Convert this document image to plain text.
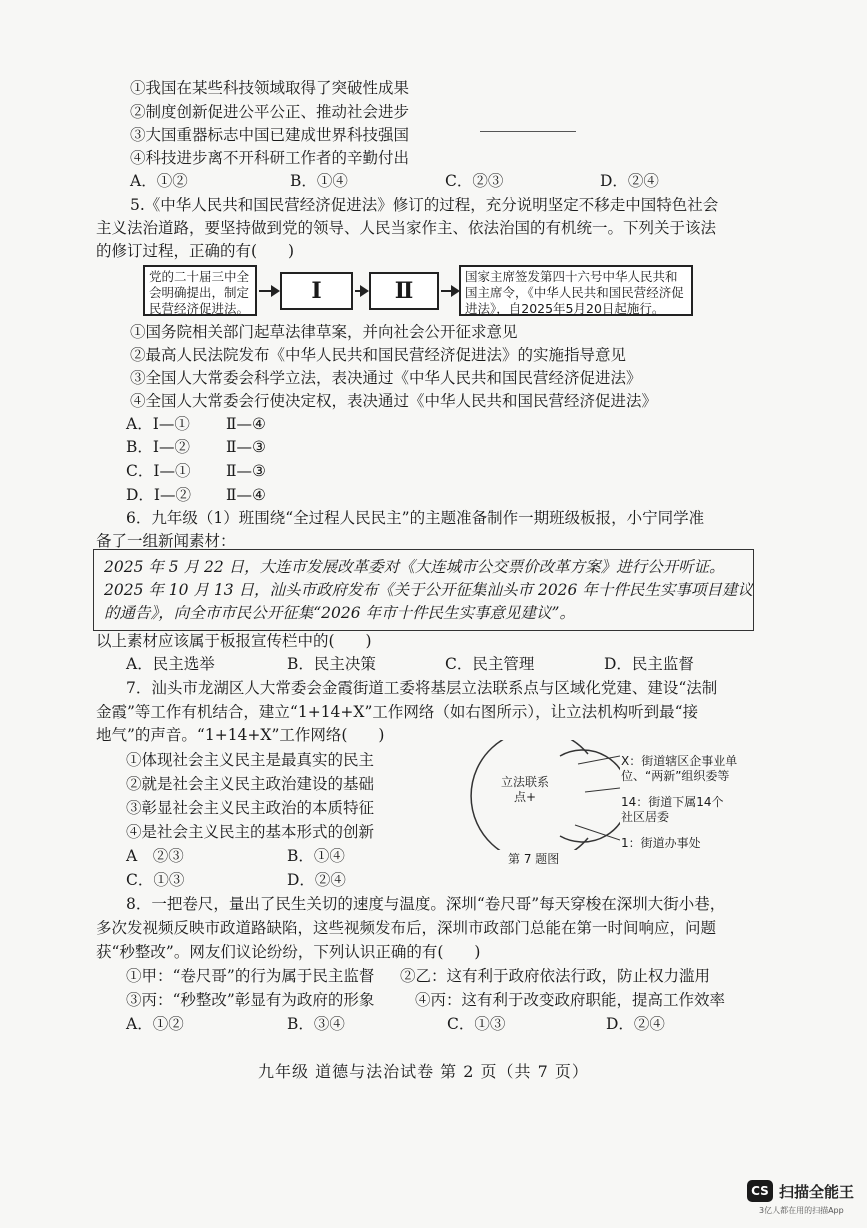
①我国在某些科技领域取得了突破性成果
②制度创新促进公平公正、推动社会进步
③大国重器标志中国已建成世界科技强国
④科技进步离不开科研工作者的辛勤付出
A．①②	B．①④	C．②③	D．②④
5.《中华人民共和国民营经济促进法》修订的过程，充分说明坚定不移走中国特色社会
主义法治道路，要坚持做到党的领导、人民当家作主、依法治国的有机统一。下列关于该法
的修订过程，正确的有(　　)
党的二十届三中全会明确提出，制定民营经济促进法。
Ⅰ	Ⅱ
国家主席签发第四十六号中华人民共和国主席令，《中华人民共和国民营经济促进法》，自2025年5月20日起施行。
①国务院相关部门起草法律草案，并向社会公开征求意见
②最高人民法院发布《中华人民共和国民营经济促进法》的实施指导意见
③全国人大常委会科学立法，表决通过《中华人民共和国民营经济促进法》
④全国人大常委会行使决定权，表决通过《中华人民共和国民营经济促进法》
A．Ⅰ—① Ⅱ—④
B．Ⅰ—② Ⅱ—③
C．Ⅰ—① Ⅱ—③
D．Ⅰ—② Ⅱ—④
6．九年级（1）班围绕“全过程人民民主”的主题准备制作一期班级板报，小宁同学准
备了一组新闻素材：
2025 年 5 月 22 日，大连市发展改革委对《大连城市公交票价改革方案》进行公开听证。
2025 年 10 月 13 日，汕头市政府发布《关于公开征集汕头市 2026 年十件民生实事项目建议
的通告》，向全市市民公开征集“2026 年市十件民生实事意见建议”。
以上素材应该属于板报宣传栏中的(　　)
A．民主选举	B．民主决策	C．民主管理	D．民主监督
7．汕头市龙湖区人大常委会金霞街道工委将基层立法联系点与区域化党建、建设“法制
金霞”等工作有机结合，建立“1+14+X”工作网络（如右图所示），让立法机构听到最“接
地气”的声音。“1+14+X”工作网络(　　)
①体现社会主义民主是最真实的民主
②就是社会主义民主政治建设的基础
③彰显社会主义民主政治的本质特征
④是社会主义民主的基本形式的创新
A　②③	B．①④
C．①③	D．②④
立法联系点+
X：街道辖区企事业单位、“两新”组织委等
14：街道下属14个社区居委
1：街道办事处
第 7 题图
8．一把卷尺，量出了民生关切的速度与温度。深圳“卷尺哥”每天穿梭在深圳大街小巷，
多次发视频反映市政道路缺陷，这些视频发布后，深圳市政部门总能在第一时间响应，问题
获“秒整改”。网友们议论纷纷，下列认识正确的有(　　)
①甲：“卷尺哥”的行为属于民主监督 ②乙：这有利于政府依法行政，防止权力滥用
③丙：“秒整改”彰显有为政府的形象	④丙：这有利于改变政府职能，提高工作效率
A．①②	B．③④	C．①③	D．②④
九年级 道德与法治试卷 第 2 页（共 7 页）
CS 扫描全能王
3亿人都在用的扫描App
